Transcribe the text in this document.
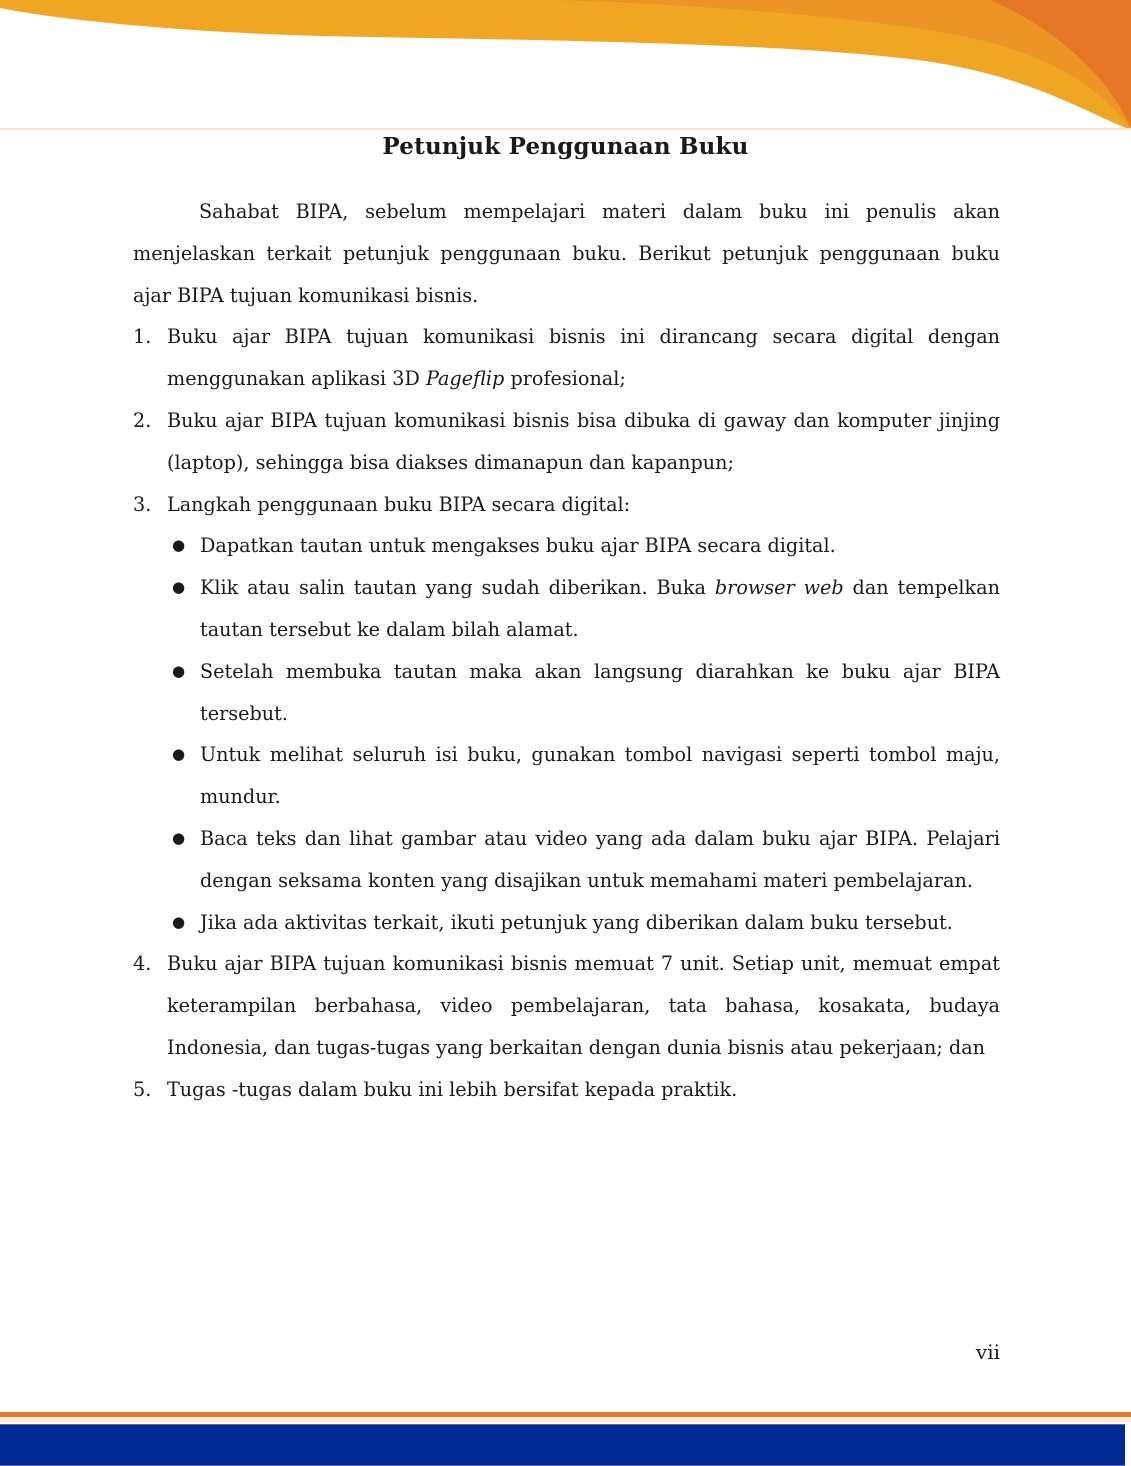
Petunjuk Penggunaan Buku

Sahabat BIPA, sebelum mempelajari materi dalam buku ini penulis akan menjelaskan terkait petunjuk penggunaan buku. Berikut petunjuk penggunaan buku ajar BIPA tujuan komunikasi bisnis.

1. Buku ajar BIPA tujuan komunikasi bisnis ini dirancang secara digital dengan menggunakan aplikasi 3D Pageflip profesional;
2. Buku ajar BIPA tujuan komunikasi bisnis bisa dibuka di gaway dan komputer jinjing (laptop), sehingga bisa diakses dimanapun dan kapanpun;
3. Langkah penggunaan buku BIPA secara digital:
● Dapatkan tautan untuk mengakses buku ajar BIPA secara digital.
● Klik atau salin tautan yang sudah diberikan. Buka browser web dan tempelkan tautan tersebut ke dalam bilah alamat.
● Setelah membuka tautan maka akan langsung diarahkan ke buku ajar BIPA tersebut.
● Untuk melihat seluruh isi buku, gunakan tombol navigasi seperti tombol maju, mundur.
● Baca teks dan lihat gambar atau video yang ada dalam buku ajar BIPA. Pelajari dengan seksama konten yang disajikan untuk memahami materi pembelajaran.
● Jika ada aktivitas terkait, ikuti petunjuk yang diberikan dalam buku tersebut.
4. Buku ajar BIPA tujuan komunikasi bisnis memuat 7 unit. Setiap unit, memuat empat keterampilan berbahasa, video pembelajaran, tata bahasa, kosakata, budaya Indonesia, dan tugas-tugas yang berkaitan dengan dunia bisnis atau pekerjaan; dan
5. Tugas -tugas dalam buku ini lebih bersifat kepada praktik.
vii
